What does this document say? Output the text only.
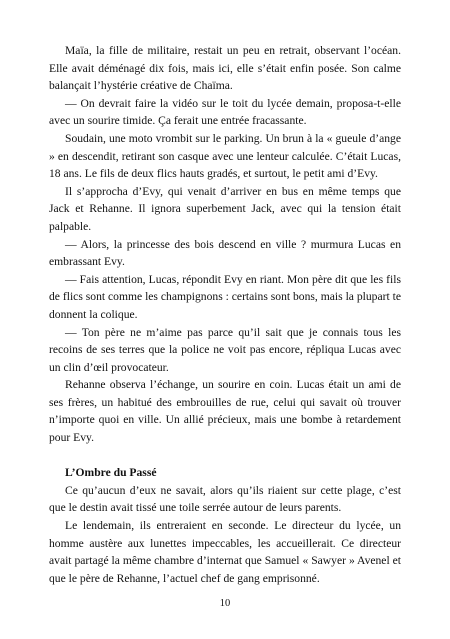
Maïa, la fille de militaire, restait un peu en retrait, observant l’océan. Elle avait déménagé dix fois, mais ici, elle s’était enfin posée. Son calme balançait l’hystérie créative de Chaïma.

— On devrait faire la vidéo sur le toit du lycée demain, proposa-t-elle avec un sourire timide. Ça ferait une entrée fracassante.

Soudain, une moto vrombit sur le parking. Un brun à la « gueule d’ange » en descendit, retirant son casque avec une lenteur calculée. C’était Lucas, 18 ans. Le fils de deux flics hauts gradés, et surtout, le petit ami d’Evy.

Il s’approcha d’Evy, qui venait d’arriver en bus en même temps que Jack et Rehanne. Il ignora superbement Jack, avec qui la tension était palpable.

— Alors, la princesse des bois descend en ville ? murmura Lucas en embrassant Evy.

— Fais attention, Lucas, répondit Evy en riant. Mon père dit que les fils de flics sont comme les champignons : certains sont bons, mais la plupart te donnent la colique.

— Ton père ne m’aime pas parce qu’il sait que je connais tous les recoins de ses terres que la police ne voit pas encore, répliqua Lucas avec un clin d’œil provocateur.

Rehanne observa l’échange, un sourire en coin. Lucas était un ami de ses frères, un habitué des embrouilles de rue, celui qui savait où trouver n’importe quoi en ville. Un allié précieux, mais une bombe à retardement pour Evy.

L’Ombre du Passé

Ce qu’aucun d’eux ne savait, alors qu’ils riaient sur cette plage, c’est que le destin avait tissé une toile serrée autour de leurs parents.

Le lendemain, ils entreraient en seconde. Le directeur du lycée, un homme austère aux lunettes impeccables, les accueillerait. Ce directeur avait partagé la même chambre d’internat que Samuel « Sawyer » Avenel et que le père de Rehanne, l’actuel chef de gang emprisonné.

10
